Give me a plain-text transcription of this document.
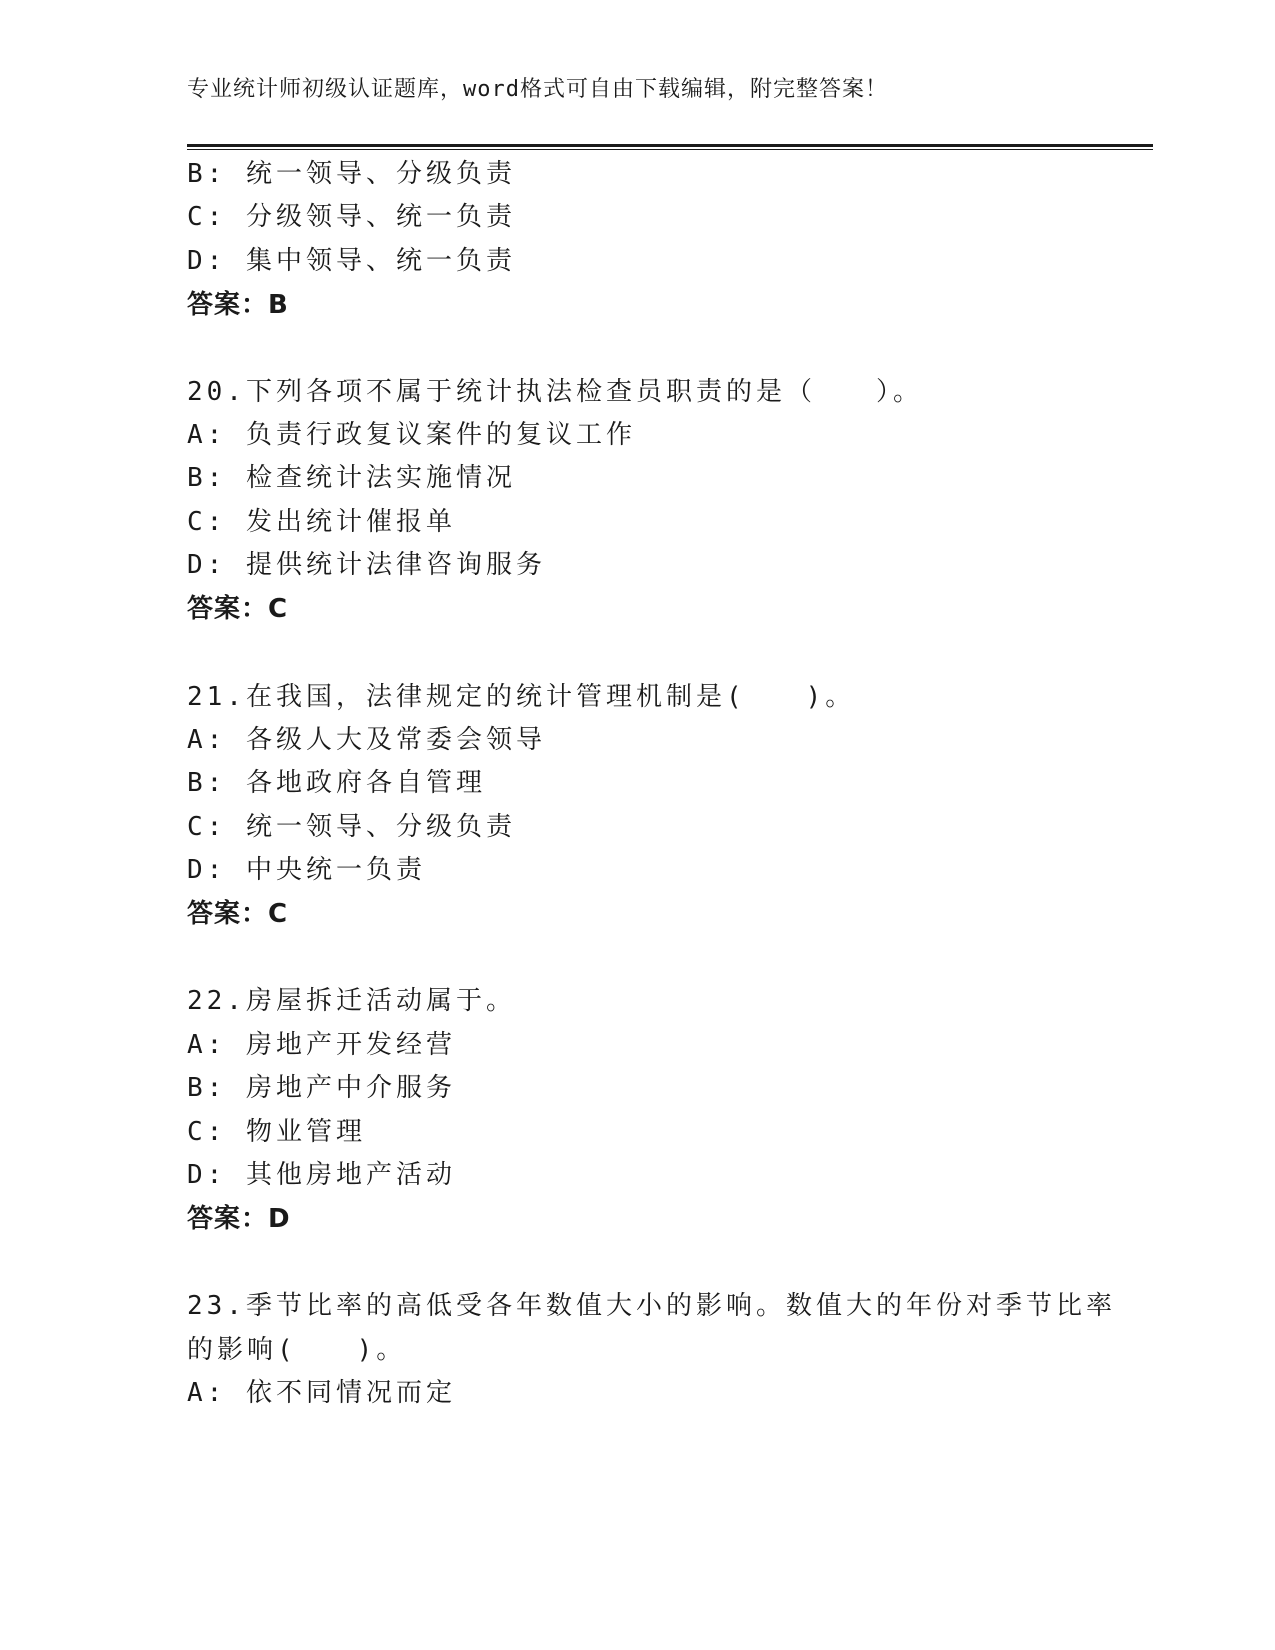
专业统计师初级认证题库，word格式可自由下载编辑，附完整答案！
B: 统一领导、分级负责
C: 分级领导、统一负责
D: 集中领导、统一负责
答案：B
20.下列各项不属于统计执法检查员职责的是（　　）。
A: 负责行政复议案件的复议工作
B: 检查统计法实施情况
C: 发出统计催报单
D: 提供统计法律咨询服务
答案：C
21.在我国，法律规定的统计管理机制是(　　)。
A: 各级人大及常委会领导
B: 各地政府各自管理
C: 统一领导、分级负责
D: 中央统一负责
答案：C
22.房屋拆迁活动属于。
A: 房地产开发经营
B: 房地产中介服务
C: 物业管理
D: 其他房地产活动
答案：D
23.季节比率的高低受各年数值大小的影响。数值大的年份对季节比率
的影响(　　)。
A: 依不同情况而定
